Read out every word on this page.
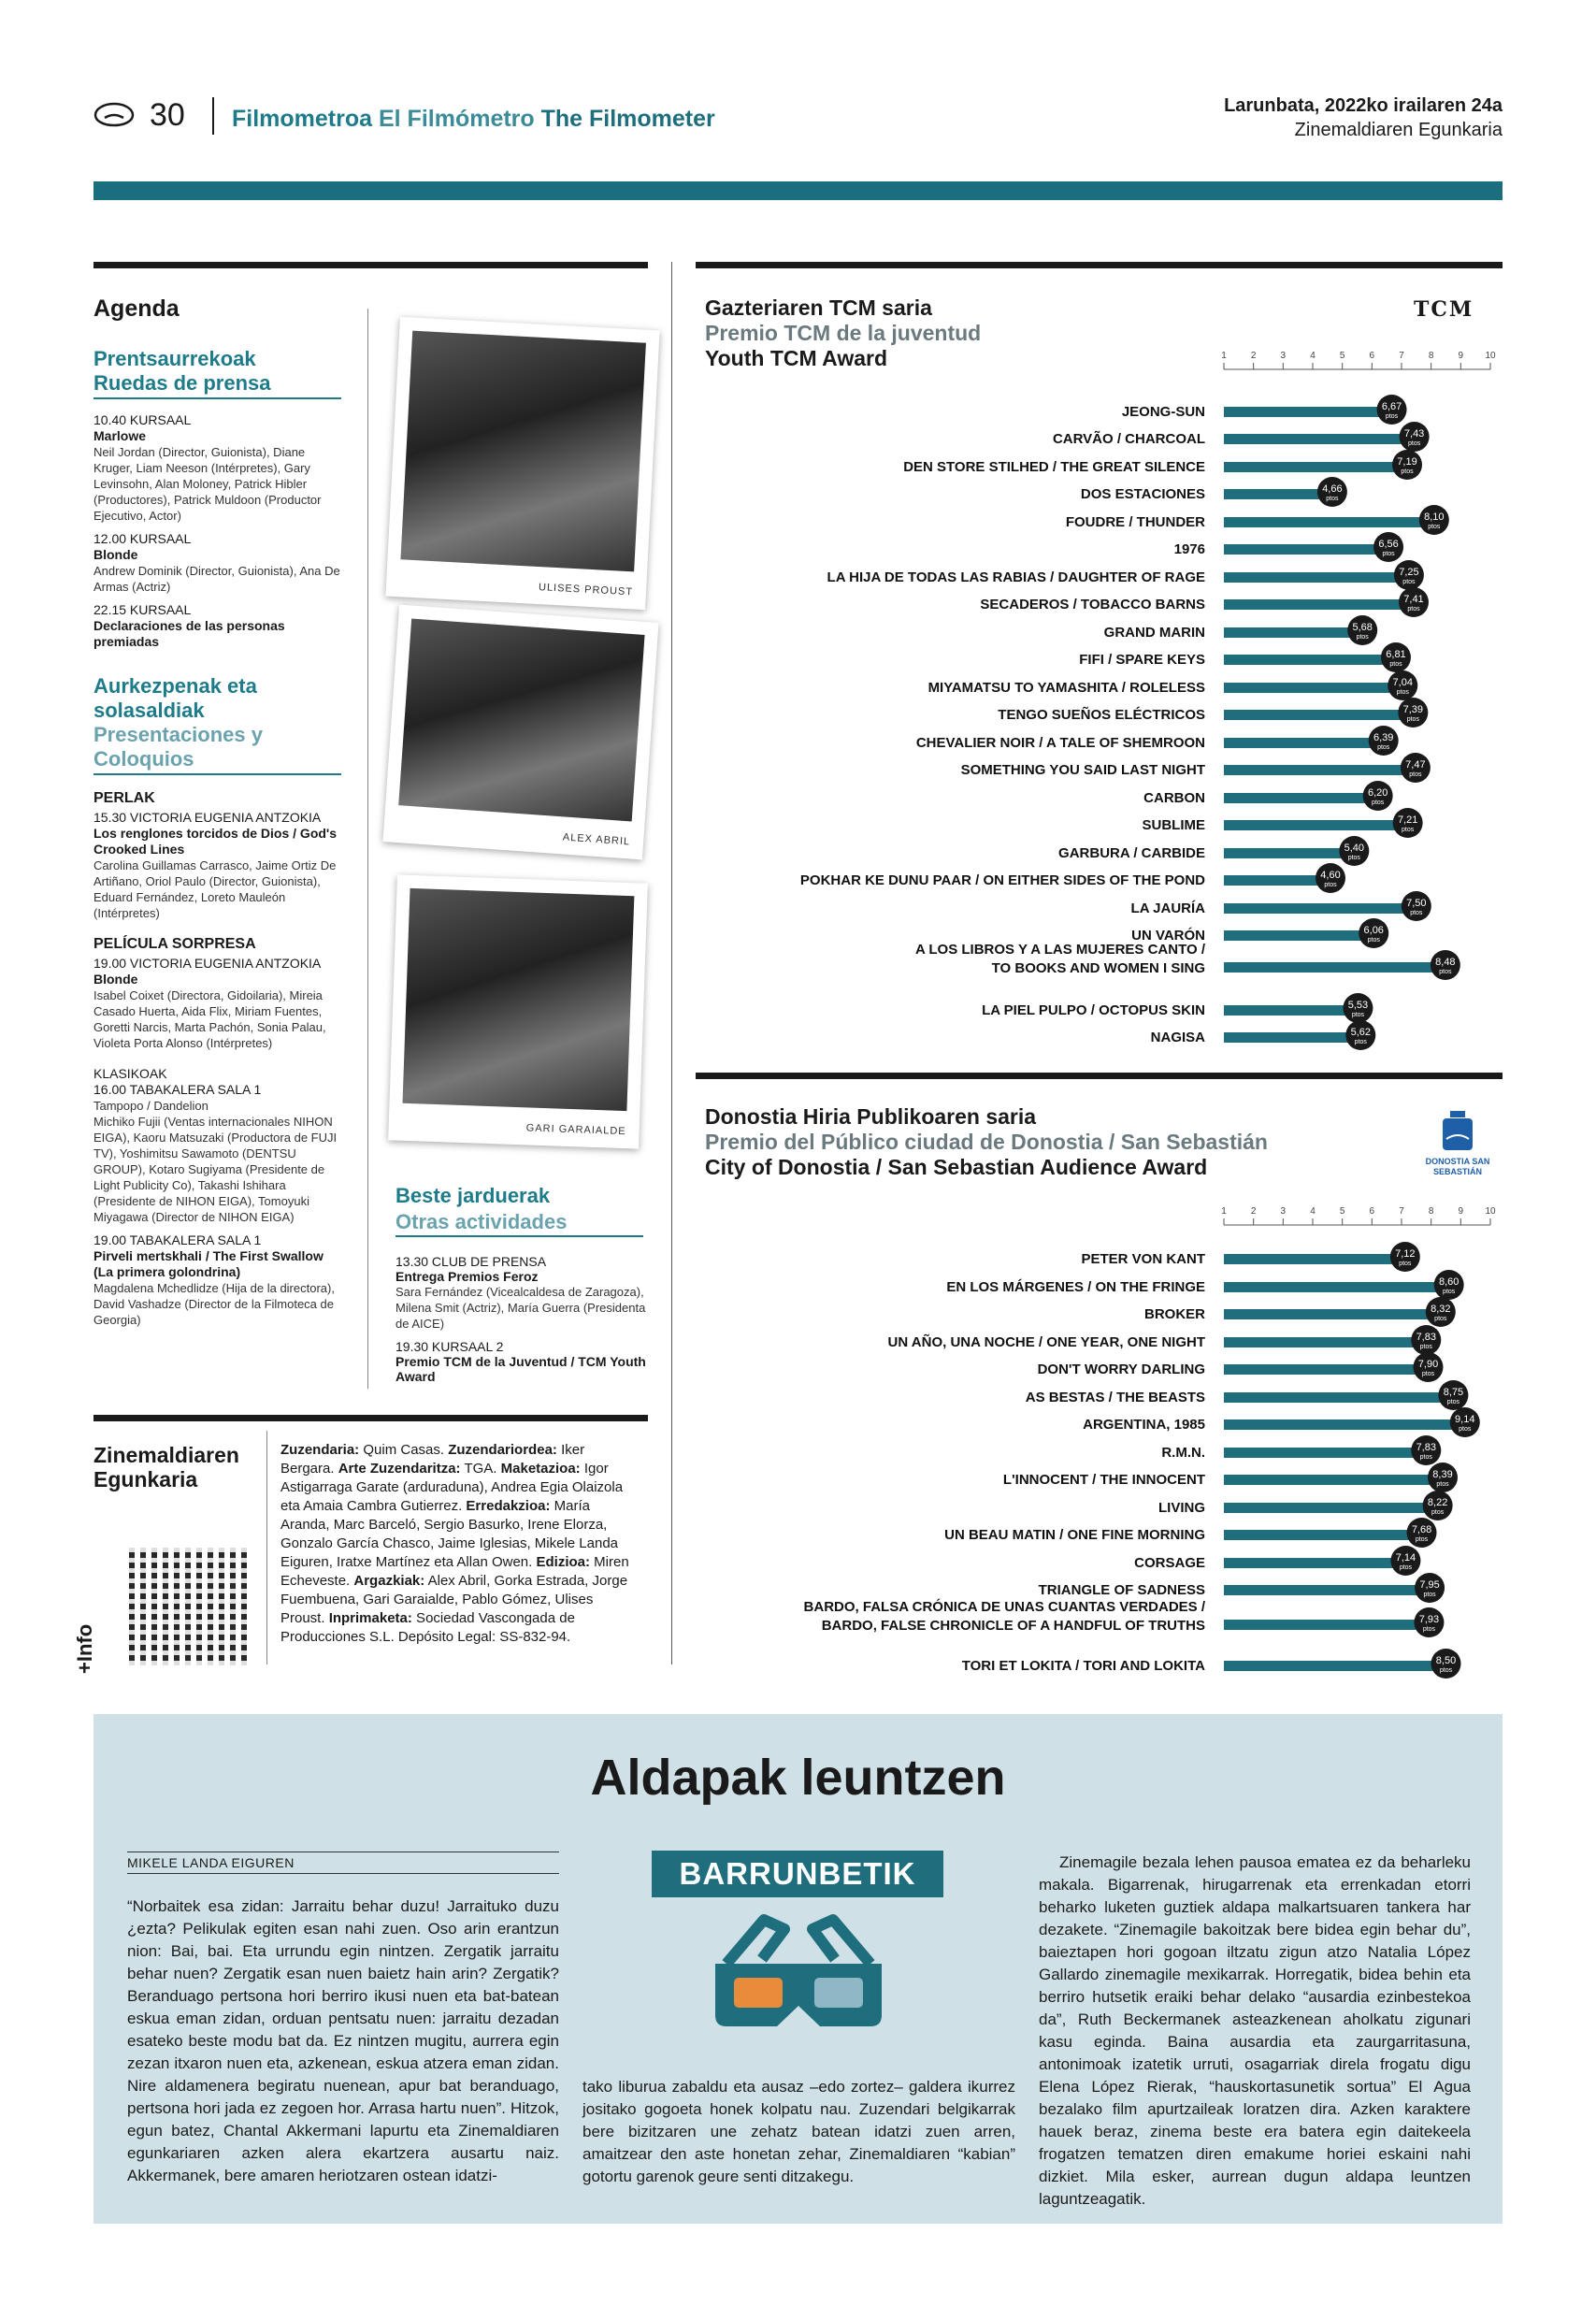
30 Filmometroa El Filmómetro The Filmometer	Larunbata, 2022ko irailaren 24a
Zinemaldiaren Egunkaria
Agenda
Prentsaurrekoak
Ruedas de prensa
10.40 KURSAAL
Marlowe
Neil Jordan (Director, Guionista), Diane Kruger, Liam Neeson (Intérpretes), Gary Levinsohn, Alan Moloney, Patrick Hibler (Productores), Patrick Muldoon (Productor Ejecutivo, Actor)
12.00 KURSAAL
Blonde
Andrew Dominik (Director, Guionista), Ana De Armas (Actriz)
22.15 KURSAAL
Declaraciones de las personas premiadas
Aurkezpenak eta solasaldiak
Presentaciones y Coloquios
PERLAK
15.30 VICTORIA EUGENIA ANTZOKIA
Los renglones torcidos de Dios / God's Crooked Lines
Carolina Guillamas Carrasco, Jaime Ortiz De Artiñano, Oriol Paulo (Director, Guionista), Eduard Fernández, Loreto Mauleón (Intérpretes)
PELÍCULA SORPRESA
19.00 VICTORIA EUGENIA ANTZOKIA
Blonde
Isabel Coixet (Directora, Gidoilaria), Mireia Casado Huerta, Aida Flix, Miriam Fuentes, Goretti Narcis, Marta Pachón, Sonia Palau, Violeta Porta Alonso (Intérpretes)
KLASIKOAK
16.00 TABAKALERA SALA 1
Tampopo / Dandelion
Michiko Fujii (Ventas internacionales NIHON EIGA), Kaoru Matsuzaki (Productora de FUJI TV), Yoshimitsu Sawamoto (DENTSU GROUP), Kotaro Sugiyama (Presidente de Light Publicity Co), Takashi Ishihara (Presidente de NIHON EIGA), Tomoyuki Miyagawa (Director de NIHON EIGA)
19.00 TABAKALERA SALA 1
Pirveli mertskhali / The First Swallow (La primera golondrina)
Magdalena Mchedlidze (Hija de la directora), David Vashadze (Director de la Filmoteca de Georgia)
ULISES PROUST
ALEX ABRIL
GARI GARAIALDE
Beste jarduerak
Otras actividades
13.30 CLUB DE PRENSA
Entrega Premios Feroz
Sara Fernández (Vicealcaldesa de Zaragoza), Milena Smit (Actriz), María Guerra (Presidenta de AICE)
19.30 KURSAAL 2
Premio TCM de la Juventud / TCM Youth Award
Zinemaldiaren Egunkaria
Zuzendaria: Quim Casas. Zuzendariordea: Iker Bergara. Arte Zuzendaritza: TGA. Maketazioa: Igor Astigarraga Garate (arduraduna), Andrea Egia Olaizola eta Amaia Cambra Gutierrez. Erredakzioa: María Aranda, Marc Barceló, Sergio Basurko, Irene Elorza, Gonzalo García Chasco, Jaime Iglesias, Mikele Landa Eiguren, Iratxe Martínez eta Allan Owen. Edizioa: Miren Echeveste. Argazkiak: Alex Abril, Gorka Estrada, Jorge Fuembuena, Gari Garaialde, Pablo Gómez, Ulises Proust. Inprimaketa: Sociedad Vascongada de Producciones S.L. Depósito Legal: SS-832-94.
+Info
Gazteriaren TCM saria
Premio TCM de la juventud
Youth TCM Award
TCM
1	2	3	4	5	6	7	8	9 10
JEONG-SUN	6,67
ptos
CARVÃO / CHARCOAL	7,43
ptos
DEN STORE STILHED / THE GREAT SILENCE	7,19
ptos
DOS ESTACIONES	4,66
ptos
FOUDRE / THUNDER	8,10
ptos
1976	6,56
ptos
LA HIJA DE TODAS LAS RABIAS / DAUGHTER OF RAGE	7,25
ptos
SECADEROS / TOBACCO BARNS	7,41
ptos
GRAND MARIN	5,68
ptos
FIFI / SPARE KEYS	6,81
ptos
MIYAMATSU TO YAMASHITA / ROLELESS	7,04
ptos
TENGO SUEÑOS ELÉCTRICOS	7,39
ptos
CHEVALIER NOIR / A TALE OF SHEMROON	6,39
ptos
SOMETHING YOU SAID LAST NIGHT	7,47
ptos
CARBON	6,20
ptos
SUBLIME	7,21
ptos
GARBURA / CARBIDE	5,40
ptos
POKHAR KE DUNU PAAR / ON EITHER SIDES OF THE POND	4,60
ptos
LA JAURÍA	7,50
ptos
UN VARÓN	6,06
ptos
A LOS LIBROS Y A LAS MUJERES CANTO /
TO BOOKS AND WOMEN I SING	8,48
ptos
LA PIEL PULPO / OCTOPUS SKIN	5,53
ptos
NAGISA	5,62
ptos
Donostia Hiria Publikoaren saria
Premio del Público ciudad de Donostia / San Sebastián
City of Donostia / San Sebastian Audience Award	DONOSTIA SAN SEBASTIÁN
1	2	3	4	5	6	7	8	9 10
PETER VON KANT	7,12
ptos
EN LOS MÁRGENES / ON THE FRINGE	8,60
ptos
BROKER	8,32
ptos
UN AÑO, UNA NOCHE / ONE YEAR, ONE NIGHT	7,83
ptos
DON'T WORRY DARLING	7,90
ptos
AS BESTAS / THE BEASTS	8,75
ptos
ARGENTINA, 1985	9,14
ptos
R.M.N.	7,83
ptos
L'INNOCENT / THE INNOCENT	8,39
ptos
LIVING	8,22
ptos
UN BEAU MATIN / ONE FINE MORNING	7,68
ptos
CORSAGE	7,14
ptos
TRIANGLE OF SADNESS	7,95
ptos
BARDO, FALSA CRÓNICA DE UNAS CUANTAS VERDADES /
BARDO, FALSE CHRONICLE OF A HANDFUL OF TRUTHS	7,93
ptos
TORI ET LOKITA / TORI AND LOKITA	8,50
ptos
Aldapak leuntzen
MIKELE LANDA EIGUREN	BARRUNBETIK
“Norbaitek esa zidan: Jarraitu behar duzu! Jarraituko duzu ¿ezta? Pelikulak egiten esan nahi zuen. Oso arin erantzun nion: Bai, bai. Eta urrundu egin nintzen. Zergatik jarraitu behar nuen? Zergatik esan nuen baietz hain arin? Zergatik? Beranduago pertsona hori berriro ikusi nuen eta bat-batean eskua eman zidan, orduan pentsatu nuen: jarraitu dezadan esateko beste modu bat da. Ez nintzen mugitu, aurrera egin zezan itxaron nuen eta, azkenean, eskua atzera eman zidan. Nire aldamenera begiratu nuenean, apur bat beranduago, pertsona hori jada ez zegoen hor. Arrasa hartu nuen”. Hitzok, egun batez, Chantal Akkermani lapurtu eta Zinemaldiaren egunkariaren azken alera ekartzera ausartu naiz. Akkermanek, bere amaren heriotzaren ostean idatzi-
tako liburua zabaldu eta ausaz –edo zortez– galdera ikurrez jositako gogoeta honek kolpatu nau. Zuzendari belgikarrak bere bizitzaren une zehatz batean idatzi zuen arren, amaitzear den aste honetan zehar, Zinemaldiaren “kabian” gotortu garenok geure senti ditzakegu.
Zinemagile bezala lehen pausoa ematea ez da beharleku makala. Bigarrenak, hirugarrenak eta errenkadan etorri beharko luketen guztiek aldapa malkartsuaren tankera har dezakete. “Zinemagile bakoitzak bere bidea egin behar du”, baieztapen hori gogoan iltzatu zigun atzo Natalia López Gallardo zinemagile mexikarrak. Horregatik, bidea behin eta berriro hutsetik eraiki behar delako “ausardia ezinbestekoa da”, Ruth Beckermanek asteazkenean aholkatu zigunari kasu eginda. Baina ausardia eta zaurgarritasuna, antonimoak izatetik urruti, osagarriak direla frogatu digu Elena López Rierak, “hauskortasunetik sortua” El Agua bezalako film apurtzaileak loratzen dira. Azken karaktere hauek beraz, zinema beste era batera egin daitekeela frogatzen tematzen diren emakume horiei eskaini nahi dizkiet. Mila esker, aurrean dugun aldapa leuntzen laguntzeagatik.
